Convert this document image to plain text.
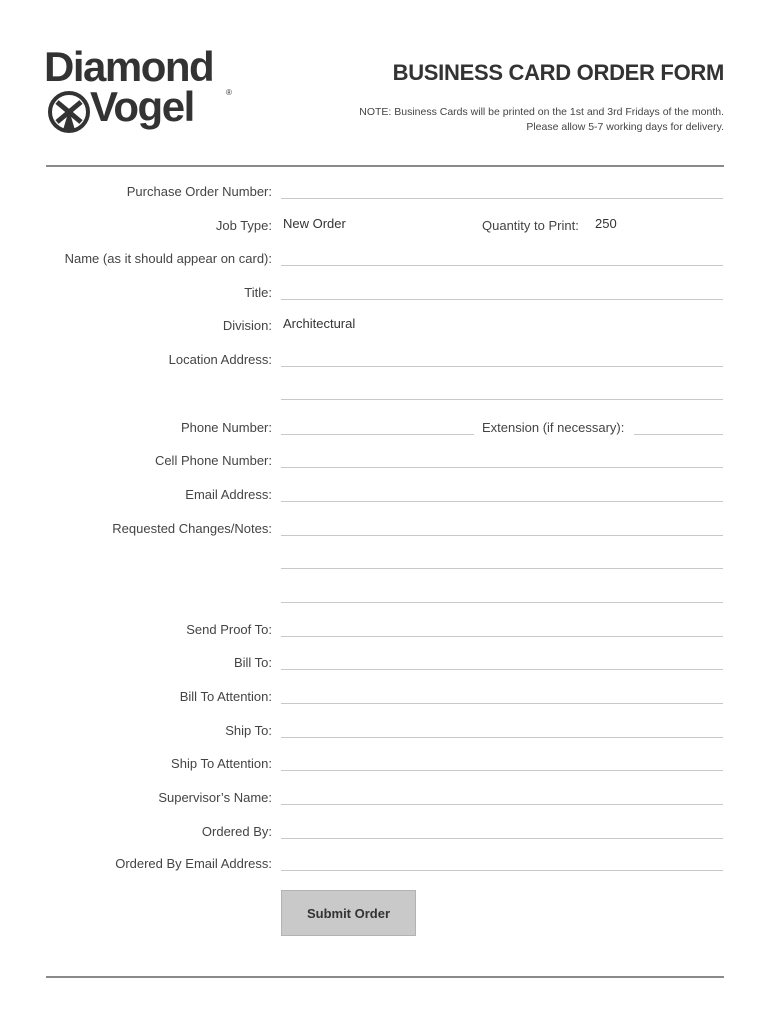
Diamond
Vogel	®
BUSINESS CARD ORDER FORM
NOTE: Business Cards will be printed on the 1st and 3rd Fridays of the month.
Please allow 5-7 working days for delivery.
Purchase Order Number:
Job Type: New Order	Quantity to Print: 250
Name (as it should appear on card):
Title:
Division: Architectural
Location Address:
Phone Number:	Extension (if necessary):
Cell Phone Number:
Email Address:
Requested Changes/Notes:
Send Proof To:
Bill To:
Bill To Attention:
Ship To:
Ship To Attention:
Supervisor’s Name:
Ordered By:
Ordered By Email Address:
Submit Order
